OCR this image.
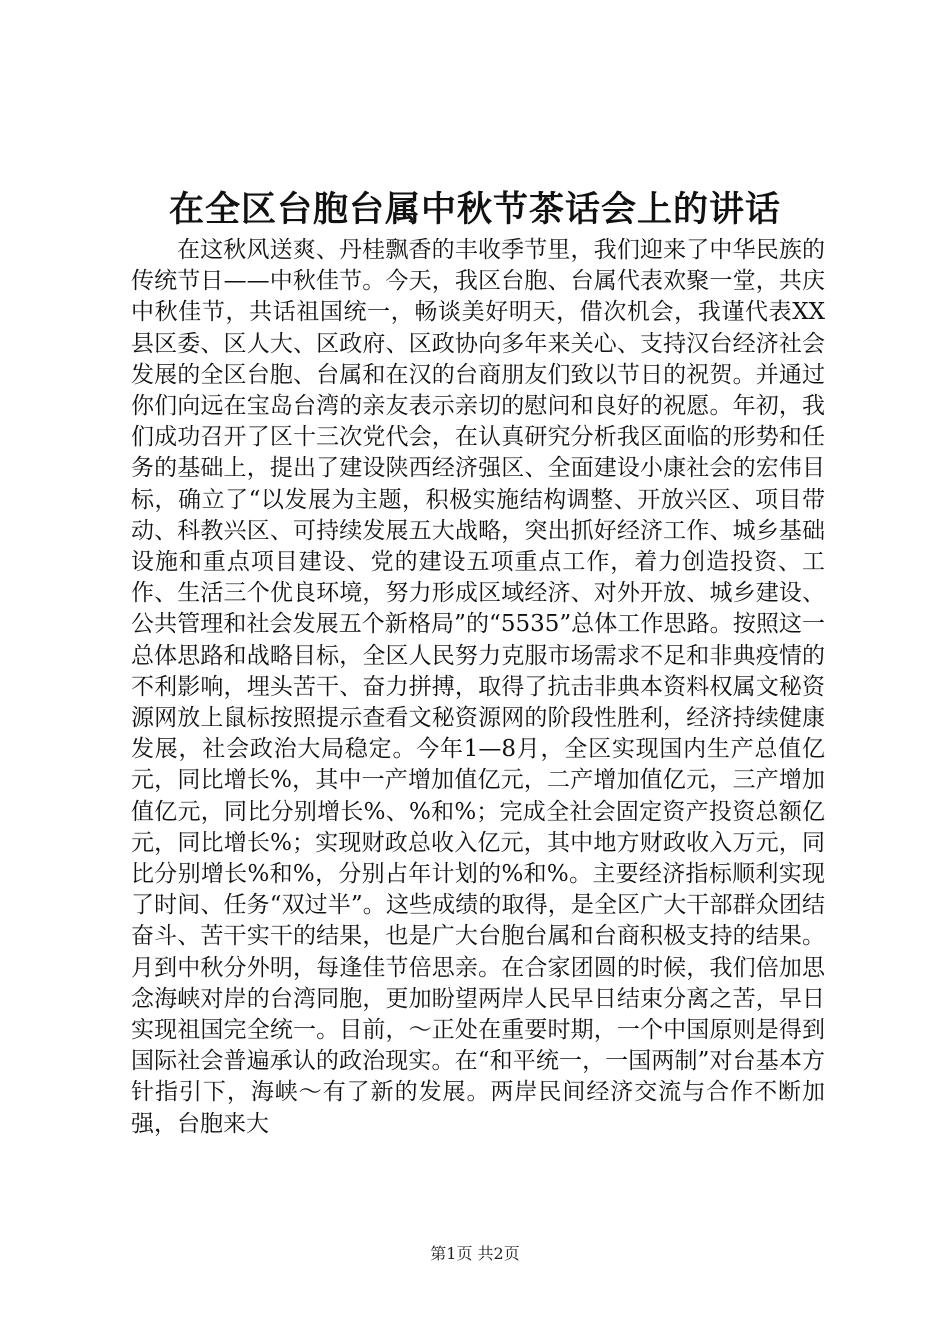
在全区台胞台属中秋节茶话会上的讲话

在这秋风送爽、丹桂飘香的丰收季节里，我们迎来了中华民族的传统节日——中秋佳节。今天，我区台胞、台属代表欢聚一堂，共庆中秋佳节，共话祖国统一，畅谈美好明天，借次机会，我谨代表XX县区委、区人大、区政府、区政协向多年来关心、支持汉台经济社会发展的全区台胞、台属和在汉的台商朋友们致以节日的祝贺。并通过你们向远在宝岛台湾的亲友表示亲切的慰问和良好的祝愿。年初，我们成功召开了区十三次党代会，在认真研究分析我区面临的形势和任务的基础上，提出了建设陕西经济强区、全面建设小康社会的宏伟目标，确立了“以发展为主题，积极实施结构调整、开放兴区、项目带动、科教兴区、可持续发展五大战略，突出抓好经济工作、城乡基础设施和重点项目建设、党的建设五项重点工作，着力创造投资、工作、生活三个优良环境，努力形成区域经济、对外开放、城乡建设、公共管理和社会发展五个新格局”的“5535”总体工作思路。按照这一总体思路和战略目标，全区人民努力克服市场需求不足和非典疫情的不利影响，埋头苦干、奋力拼搏，取得了抗击非典本资料权属文秘资源网放上鼠标按照提示查看文秘资源网的阶段性胜利，经济持续健康发展，社会政治大局稳定。今年1—8月，全区实现国内生产总值亿元，同比增长%，其中一产增加值亿元，二产增加值亿元，三产增加值亿元，同比分别增长%、%和%；完成全社会固定资产投资总额亿元，同比增长%；实现财政总收入亿元，其中地方财政收入万元，同比分别增长%和%，分别占年计划的%和%。主要经济指标顺利实现了时间、任务“双过半”。这些成绩的取得，是全区广大干部群众团结奋斗、苦干实干的结果，也是广大台胞台属和台商积极支持的结果。月到中秋分外明，每逢佳节倍思亲。在合家团圆的时候，我们倍加思念海峡对岸的台湾同胞，更加盼望两岸人民早日结束分离之苦，早日实现祖国完全统一。目前，～正处在重要时期，一个中国原则是得到国际社会普遍承认的政治现实。在“和平统一，一国两制”对台基本方针指引下，海峡～有了新的发展。两岸民间经济交流与合作不断加强，台胞来大

第1页 共2页
